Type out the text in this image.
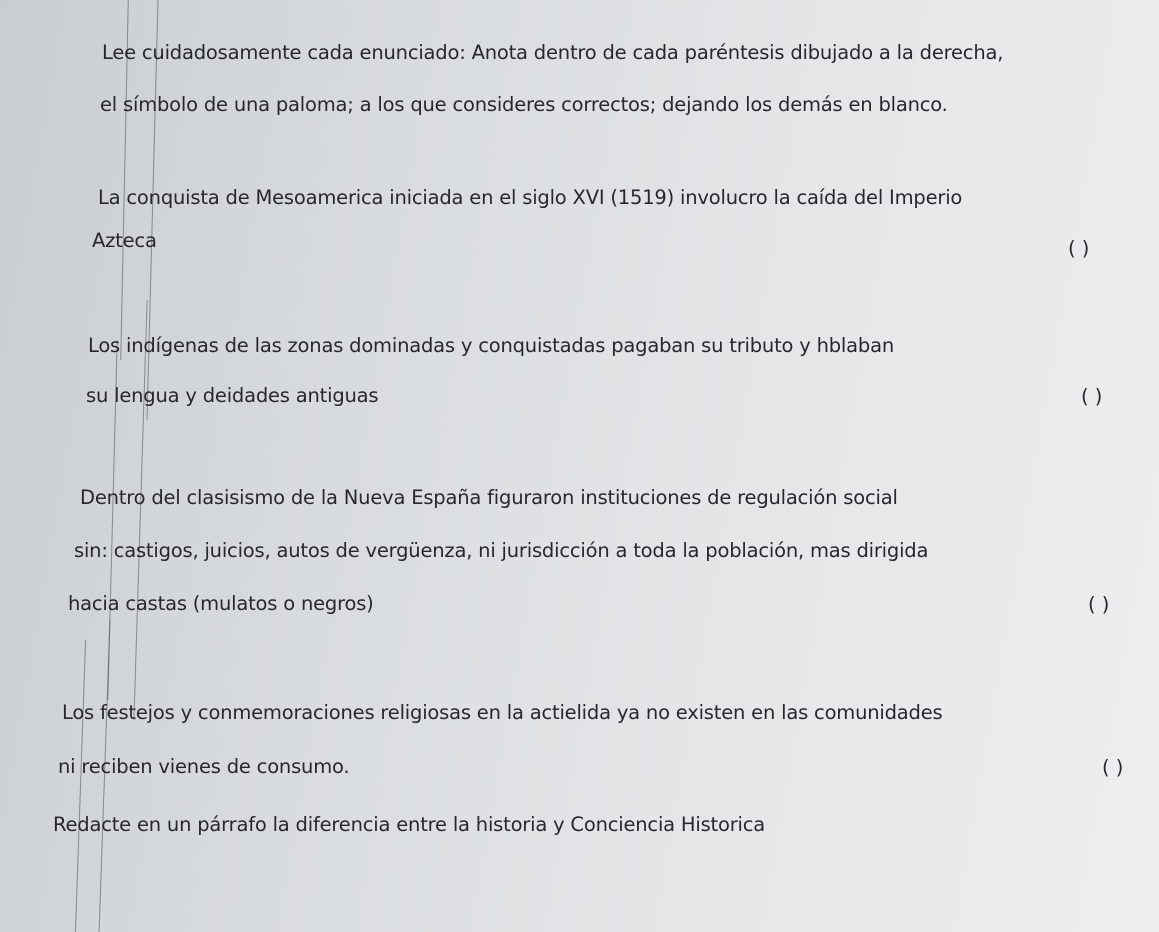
Lee cuidadosamente cada enunciado: Anota dentro de cada paréntesis dibujado a la derecha,
el símbolo de una paloma; a los que consideres correctos; dejando los demás en blanco.
La conquista de Mesoamerica iniciada en el siglo XVI (1519) involucro la caída del Imperio
Azteca	( )
Los indígenas de las zonas dominadas y conquistadas pagaban su tributo y hblaban
su lengua y deidades antiguas	( )
Dentro del clasisismo de la Nueva España figuraron instituciones de regulación social
sin: castigos, juicios, autos de vergüenza, ni jurisdicción a toda la población, mas dirigida
hacia castas (mulatos o negros)	( )
Los festejos y conmemoraciones religiosas en la actielida ya no existen en las comunidades
ni reciben vienes de consumo.	( )
Redacte en un párrafo la diferencia entre la historia y Conciencia Historica
